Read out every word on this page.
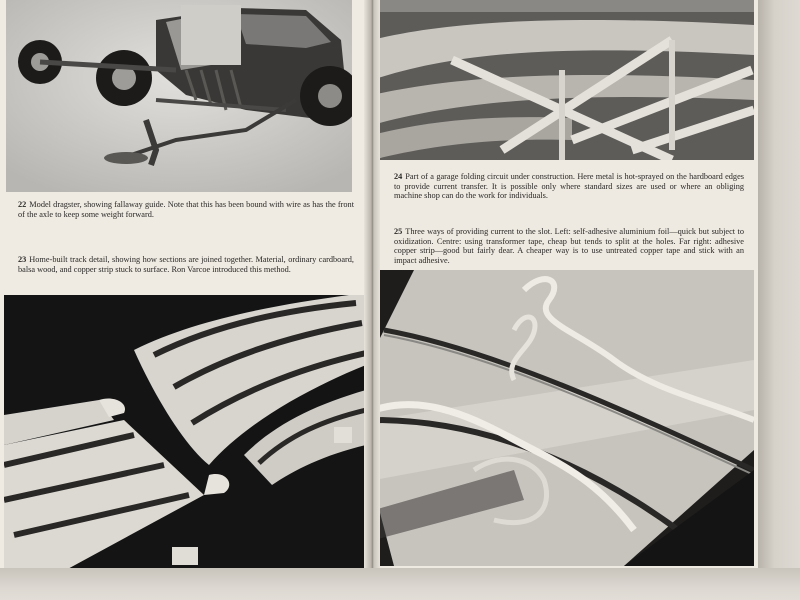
22 Model dragster, showing fallaway guide. Note that this has been bound with wire as has the front of the axle to keep some weight forward.
23 Home-built track detail, showing how sections are joined together. Material, ordinary cardboard, balsa wood, and copper strip stuck to surface. Ron Varcoe introduced this method.
24 Part of a garage folding circuit under construction. Here metal is hot-sprayed on the hardboard edges to provide current transfer. It is possible only where standard sizes are used or where an obliging machine shop can do the work for individuals.
25 Three ways of providing current to the slot. Left: self-adhesive aluminium foil—quick but subject to oxidization. Centre: using transformer tape, cheap but tends to split at the holes. Far right: adhesive copper strip—good but fairly dear. A cheaper way is to use untreated copper tape and stick with an impact adhesive.
